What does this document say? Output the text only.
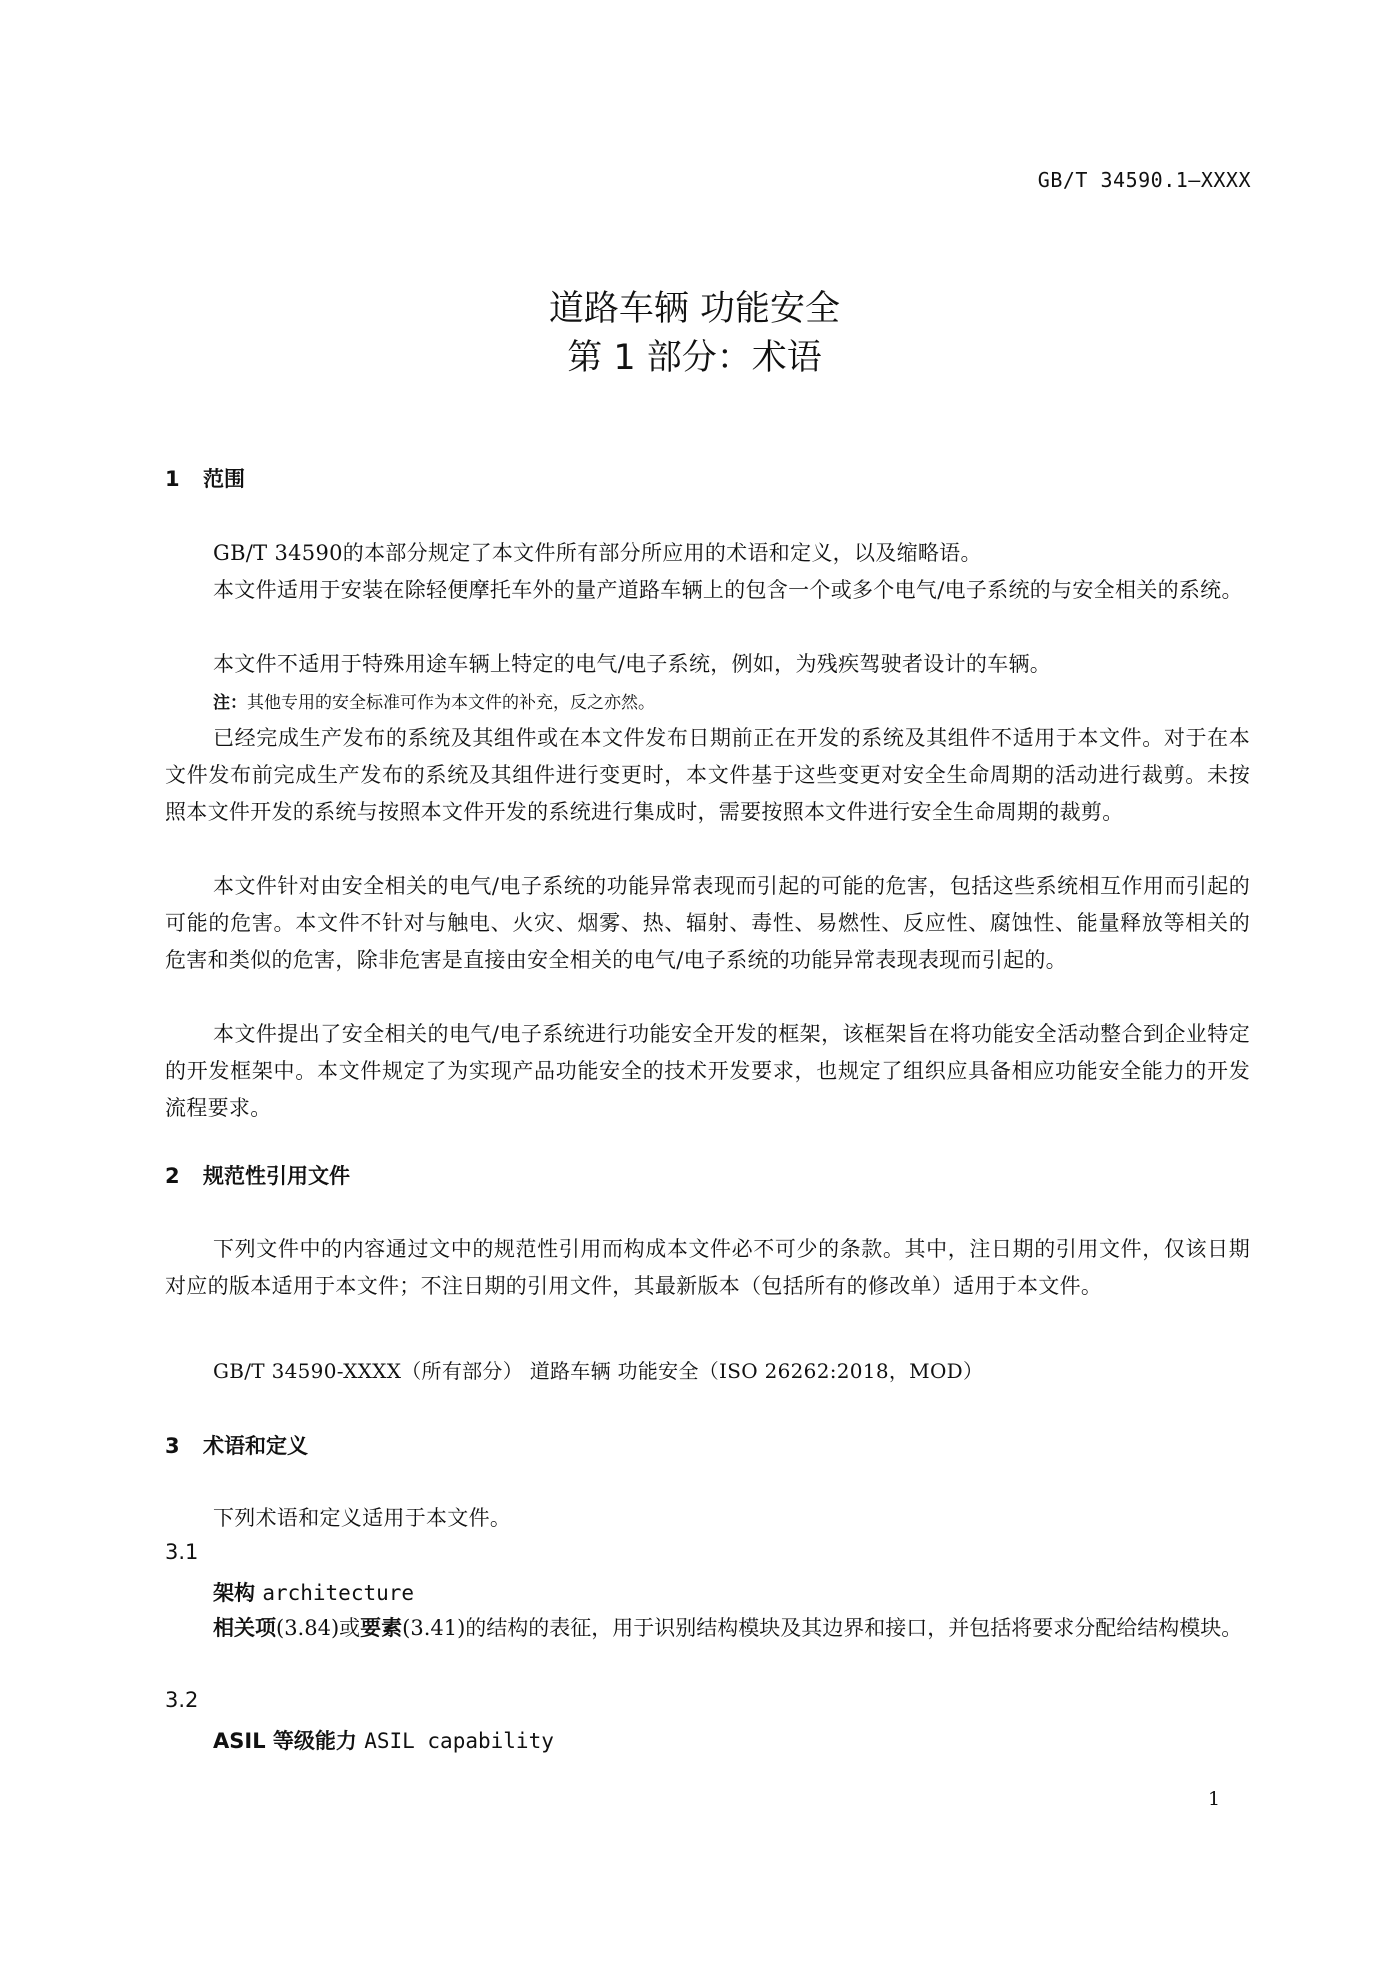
GB/T 34590.1—XXXX
道路车辆 功能安全
第 1 部分：术语
1 范围
GB/T 34590的本部分规定了本文件所有部分所应用的术语和定义，以及缩略语。
本文件适用于安装在除轻便摩托车外的量产道路车辆上的包含一个或多个电气/电子系统的与安全相关的系统。
本文件不适用于特殊用途车辆上特定的电气/电子系统，例如，为残疾驾驶者设计的车辆。
注：其他专用的安全标准可作为本文件的补充，反之亦然。
已经完成生产发布的系统及其组件或在本文件发布日期前正在开发的系统及其组件不适用于本文件。对于在本文件发布前完成生产发布的系统及其组件进行变更时，本文件基于这些变更对安全生命周期的活动进行裁剪。未按照本文件开发的系统与按照本文件开发的系统进行集成时，需要按照本文件进行安全生命周期的裁剪。
本文件针对由安全相关的电气/电子系统的功能异常表现而引起的可能的危害，包括这些系统相互作用而引起的可能的危害。本文件不针对与触电、火灾、烟雾、热、辐射、毒性、易燃性、反应性、腐蚀性、能量释放等相关的危害和类似的危害，除非危害是直接由安全相关的电气/电子系统的功能异常表现表现而引起的。
本文件提出了安全相关的电气/电子系统进行功能安全开发的框架，该框架旨在将功能安全活动整合到企业特定的开发框架中。本文件规定了为实现产品功能安全的技术开发要求，也规定了组织应具备相应功能安全能力的开发流程要求。
2 规范性引用文件
下列文件中的内容通过文中的规范性引用而构成本文件必不可少的条款。其中，注日期的引用文件，仅该日期对应的版本适用于本文件；不注日期的引用文件，其最新版本（包括所有的修改单）适用于本文件。
GB/T 34590-XXXX（所有部分） 道路车辆 功能安全（ISO 26262:2018，MOD）
3 术语和定义
下列术语和定义适用于本文件。
3.1
架构 architecture
相关项(3.84)或要素(3.41)的结构的表征，用于识别结构模块及其边界和接口，并包括将要求分配给结构模块。
3.2
ASIL 等级能力 ASIL capability
1
